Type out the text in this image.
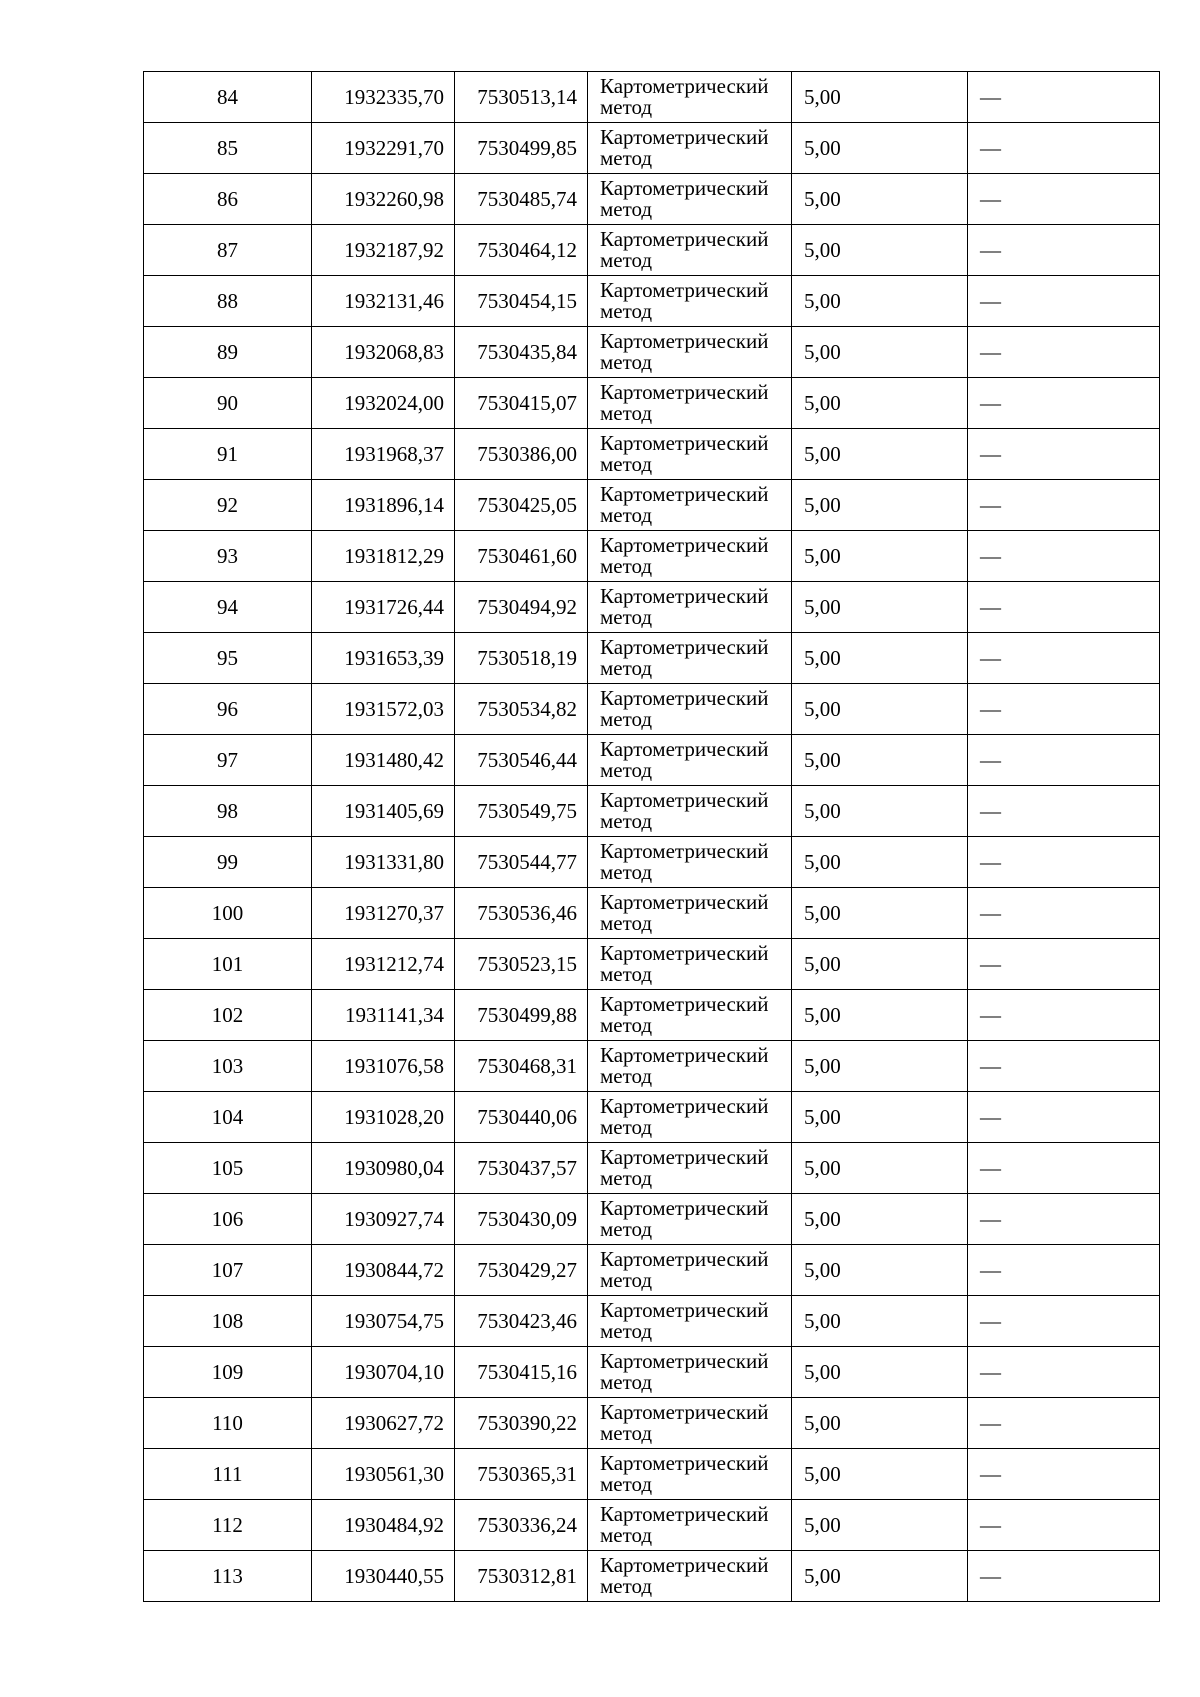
84	1932335,70	7530513,14	Картометрический
метод	5,00	—
85	1932291,70	7530499,85	Картометрический
метод	5,00	—
86	1932260,98	7530485,74	Картометрический
метод	5,00	—
87	1932187,92	7530464,12	Картометрический
метод	5,00	—
88	1932131,46	7530454,15	Картометрический
метод	5,00	—
89	1932068,83	7530435,84	Картометрический
метод	5,00	—
90	1932024,00	7530415,07	Картометрический
метод	5,00	—
91	1931968,37	7530386,00	Картометрический
метод	5,00	—
92	1931896,14	7530425,05	Картометрический
метод	5,00	—
93	1931812,29	7530461,60	Картометрический
метод	5,00	—
94	1931726,44	7530494,92	Картометрический
метод	5,00	—
95	1931653,39	7530518,19	Картометрический
метод	5,00	—
96	1931572,03	7530534,82	Картометрический
метод	5,00	—
97	1931480,42	7530546,44	Картометрический
метод	5,00	—
98	1931405,69	7530549,75	Картометрический
метод	5,00	—
99	1931331,80	7530544,77	Картометрический
метод	5,00	—
100	1931270,37	7530536,46	Картометрический
метод	5,00	—
101	1931212,74	7530523,15	Картометрический
метод	5,00	—
102	1931141,34	7530499,88	Картометрический
метод	5,00	—
103	1931076,58	7530468,31	Картометрический
метод	5,00	—
104	1931028,20	7530440,06	Картометрический
метод	5,00	—
105	1930980,04	7530437,57	Картометрический
метод	5,00	—
106	1930927,74	7530430,09	Картометрический
метод	5,00	—
107	1930844,72	7530429,27	Картометрический
метод	5,00	—
108	1930754,75	7530423,46	Картометрический
метод	5,00	—
109	1930704,10	7530415,16	Картометрический
метод	5,00	—
110	1930627,72	7530390,22	Картометрический
метод	5,00	—
111	1930561,30	7530365,31	Картометрический
метод	5,00	—
112	1930484,92	7530336,24	Картометрический
метод	5,00	—
113	1930440,55	7530312,81	Картометрический
метод	5,00	—
